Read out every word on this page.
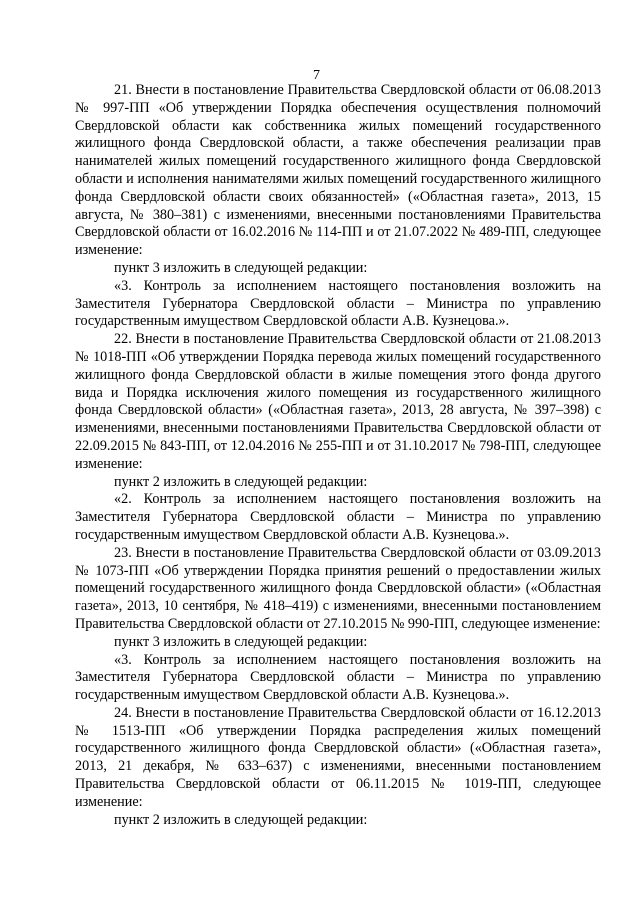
7

21. Внести в постановление Правительства Свердловской области от 06.08.2013 № 997-ПП «Об утверждении Порядка обеспечения осуществления полномочий Свердловской области как собственника жилых помещений государственного жилищного фонда Свердловской области, а также обеспечения реализации прав нанимателей жилых помещений государственного жилищного фонда Свердловской области и исполнения нанимателями жилых помещений государственного жилищного фонда Свердловской области своих обязанностей» («Областная газета», 2013, 15 августа, № 380–381) с изменениями, внесенными постановлениями Правительства Свердловской области от 16.02.2016 № 114-ПП и от 21.07.2022 № 489-ПП, следующее изменение:

пункт 3 изложить в следующей редакции:

«3. Контроль за исполнением настоящего постановления возложить на Заместителя Губернатора Свердловской области – Министра по управлению государственным имуществом Свердловской области А.В. Кузнецова.».

22. Внести в постановление Правительства Свердловской области от 21.08.2013 № 1018-ПП «Об утверждении Порядка перевода жилых помещений государственного жилищного фонда Свердловской области в жилые помещения этого фонда другого вида и Порядка исключения жилого помещения из государственного жилищного фонда Свердловской области» («Областная газета», 2013, 28 августа, № 397–398) с изменениями, внесенными постановлениями Правительства Свердловской области от 22.09.2015 № 843-ПП, от 12.04.2016 № 255-ПП и от 31.10.2017 № 798-ПП, следующее изменение:

пункт 2 изложить в следующей редакции:

«2. Контроль за исполнением настоящего постановления возложить на Заместителя Губернатора Свердловской области – Министра по управлению государственным имуществом Свердловской области А.В. Кузнецова.».

23. Внести в постановление Правительства Свердловской области от 03.09.2013 № 1073-ПП «Об утверждении Порядка принятия решений о предоставлении жилых помещений государственного жилищного фонда Свердловской области» («Областная газета», 2013, 10 сентября, № 418–419) с изменениями, внесенными постановлением Правительства Свердловской области от 27.10.2015 № 990-ПП, следующее изменение:

пункт 3 изложить в следующей редакции:

«3. Контроль за исполнением настоящего постановления возложить на Заместителя Губернатора Свердловской области – Министра по управлению государственным имуществом Свердловской области А.В. Кузнецова.».

24. Внести в постановление Правительства Свердловской области от 16.12.2013 № 1513-ПП «Об утверждении Порядка распределения жилых помещений государственного жилищного фонда Свердловской области» («Областная газета», 2013, 21 декабря, № 633–637) с изменениями, внесенными постановлением Правительства Свердловской области от 06.11.2015 № 1019-ПП, следующее изменение:

пункт 2 изложить в следующей редакции:
